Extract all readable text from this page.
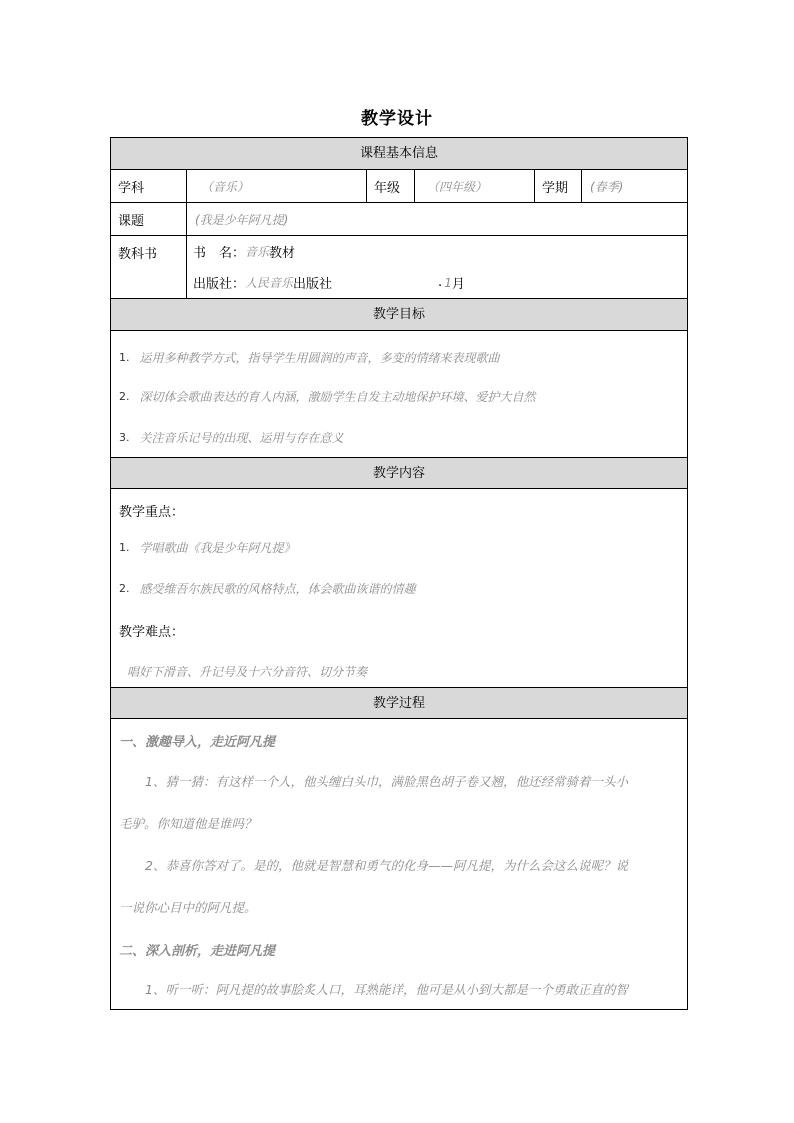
教学设计
课程基本信息
学科	（音乐）	年级	（四年级）	学期	(春季)
课题	(我是少年阿凡提)
教科书	书　名： 音乐 教材
出版社： 人民音乐 出版社	. 1 月
教学目标
1. 运用多种教学方式，指导学生用圆润的声音，多变的情绪来表现歌曲
2. 深切体会歌曲表达的育人内涵，激励学生自发主动地保护环境、爱护大自然
3. 关注音乐记号的出现、运用与存在意义
教学内容
教学重点：
1. 学唱歌曲《我是少年阿凡提》
2. 感受维吾尔族民歌的风格特点，体会歌曲诙谐的情趣
教学难点：
唱好下滑音、升记号及十六分音符、切分节奏
教学过程
一、激趣导入，走近阿凡提
1、猜一猜：有这样一个人，他头缠白头巾，满脸黑色胡子卷又翘，他还经常骑着一头小
毛驴。你知道他是谁吗？
2、恭喜你答对了。是的，他就是智慧和勇气的化身——阿凡提，为什么会这么说呢？说
一说你心目中的阿凡提。
二、深入剖析，走进阿凡提
1、听一听：阿凡提的故事脍炙人口，耳熟能详，他可是从小到大都是一个勇敢正直的智
